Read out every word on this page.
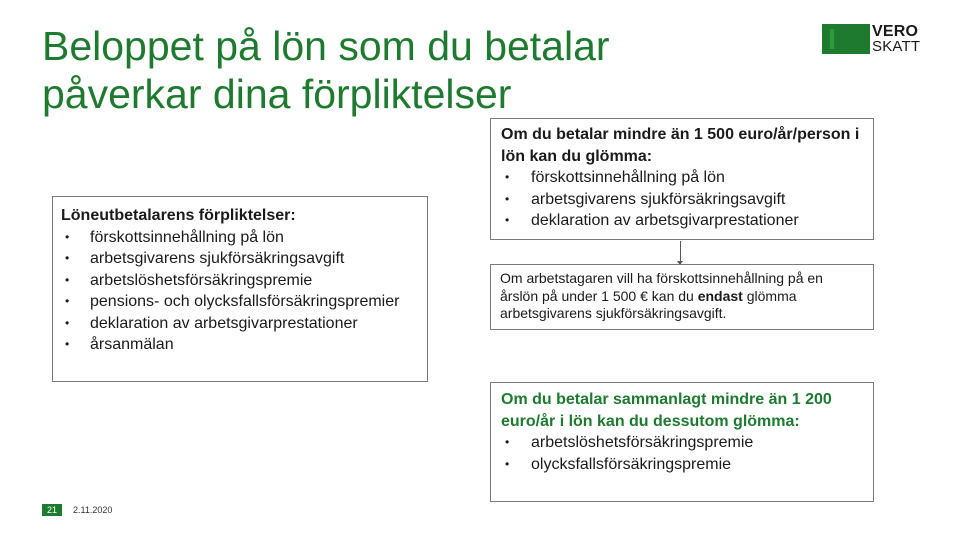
Beloppet på lön som du betalar
påverkar dina förpliktelser
VERO
SKATT
Löneutbetalarens förpliktelser:
• förskottsinnehållning på lön
• arbetsgivarens sjukförsäkringsavgift
• arbetslöshetsförsäkringspremie
• pensions- och olycksfallsförsäkringspremier
• deklaration av arbetsgivarprestationer
• årsanmälan
Om du betalar mindre än 1 500 euro/år/person i lön kan du glömma:
• förskottsinnehållning på lön
• arbetsgivarens sjukförsäkringsavgift
• deklaration av arbetsgivarprestationer
Om arbetstagaren vill ha förskottsinnehållning på en årslön på under 1 500 € kan du endast glömma arbetsgivarens sjukförsäkringsavgift.
Om du betalar sammanlagt mindre än 1 200 euro/år i lön kan du dessutom glömma:
• arbetslöshetsförsäkringspremie
• olycksfallsförsäkringspremie
21	2.11.2020
